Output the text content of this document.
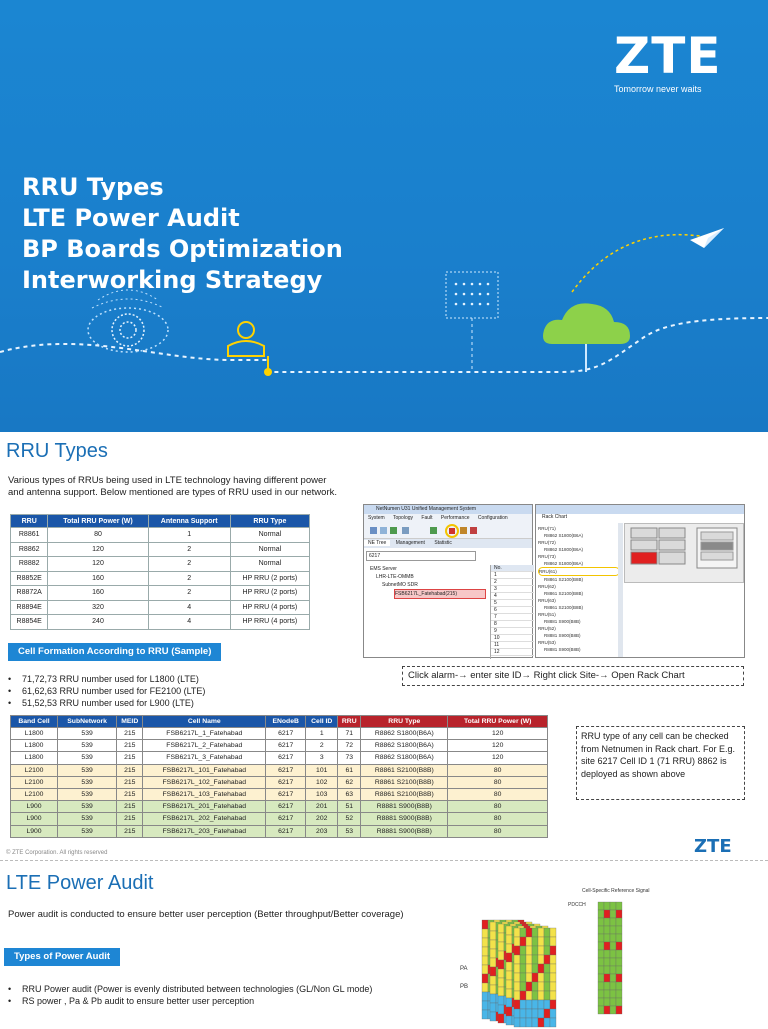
ZTE
Tomorrow never waits
RRU Types
LTE Power Audit
BP Boards Optimization
Interworking Strategy
RRU Types
Various types of RRUs being used in LTE technology having different power and antenna support. Below mentioned are types of RRU used in our network.
RRU	Total RRU Power (W)	Antenna Support	RRU Type
R8861	80	1	Normal
R8862	120	2	Normal
R8882	120	2	Normal
R8852E	160	2	HP RRU (2 ports)
R8872A	160	2	HP RRU (2 ports)
R8894E	320	4	HP RRU (4 ports)
R8854E	240	4	HP RRU (4 ports)
NetNumen U31 Unified Management System
System Topology Fault Performance Configuration
NE Tree Management Statistic
6217
EMS Server
LHR-LTE-OMMB
SubnetMO SDR
FSB6217L_Fatehabad(215)
No.
1
2
3
4
5
6
7
8
9
10
11
12
Rack Chart
RRU(71)
R8862 S1800(B6A)
RRU(72)
R8862 S1800(B6A)
RRU(73)
R8862 S1800(B6A)
RRU(61)
R8861 S2100(B8B)
RRU(62)
R8861 S2100(B8B)
RRU(63)
R8861 S2100(B8B)
RRU(51)
R8881 S900(B8B)
RRU(52)
R8881 S900(B8B)
RRU(53)
R8881 S900(B8B)
Click alarm-→ enter site ID→ Right click Site-→ Open Rack Chart
Cell Formation According to RRU (Sample)
• 71,72,73 RRU number used for L1800 (LTE)
• 61,62,63 RRU number used for FE2100 (LTE)
• 51,52,53 RRU number used for L900 (LTE)
Band Cell	SubNetwork	MEID	Cell Name	ENodeB	Cell ID	RRU	RRU Type	Total RRU Power (W)
L1800	539	215	FSB6217L_1_Fatehabad	6217	1	71	R8862 S1800(B6A)	120
L1800	539	215	FSB6217L_2_Fatehabad	6217	2	72	R8862 S1800(B6A)	120
L1800	539	215	FSB6217L_3_Fatehabad	6217	3	73	R8862 S1800(B6A)	120
L2100	539	215	FSB6217L_101_Fatehabad	6217	101	61	R8861 S2100(B8B)	80
L2100	539	215	FSB6217L_102_Fatehabad	6217	102	62	R8861 S2100(B8B)	80
L2100	539	215	FSB6217L_103_Fatehabad	6217	103	63	R8861 S2100(B8B)	80
L900	539	215	FSB6217L_201_Fatehabad	6217	201	51	R8881 S900(B8B)	80
L900	539	215	FSB6217L_202_Fatehabad	6217	202	52	R8881 S900(B8B)	80
L900	539	215	FSB6217L_203_Fatehabad	6217	203	53	R8881 S900(B8B)	80
RRU type of any cell can be checked from Netnumen in Rack chart. For E.g. site 6217 Cell ID 1 (71 RRU) 8862 is deployed as shown above
© ZTE Corporation. All rights reserved	ZTE
LTE Power Audit
Power audit is conducted to ensure better user perception (Better throughput/Better coverage)
Types of Power Audit
• RRU Power audit (Power is evenly distributed between technologies (GL/Non GL mode)
• RS power , Pa & Pb audit to ensure better user perception
Cell-Specific Reference Signal
PDCCH
PA
PB
